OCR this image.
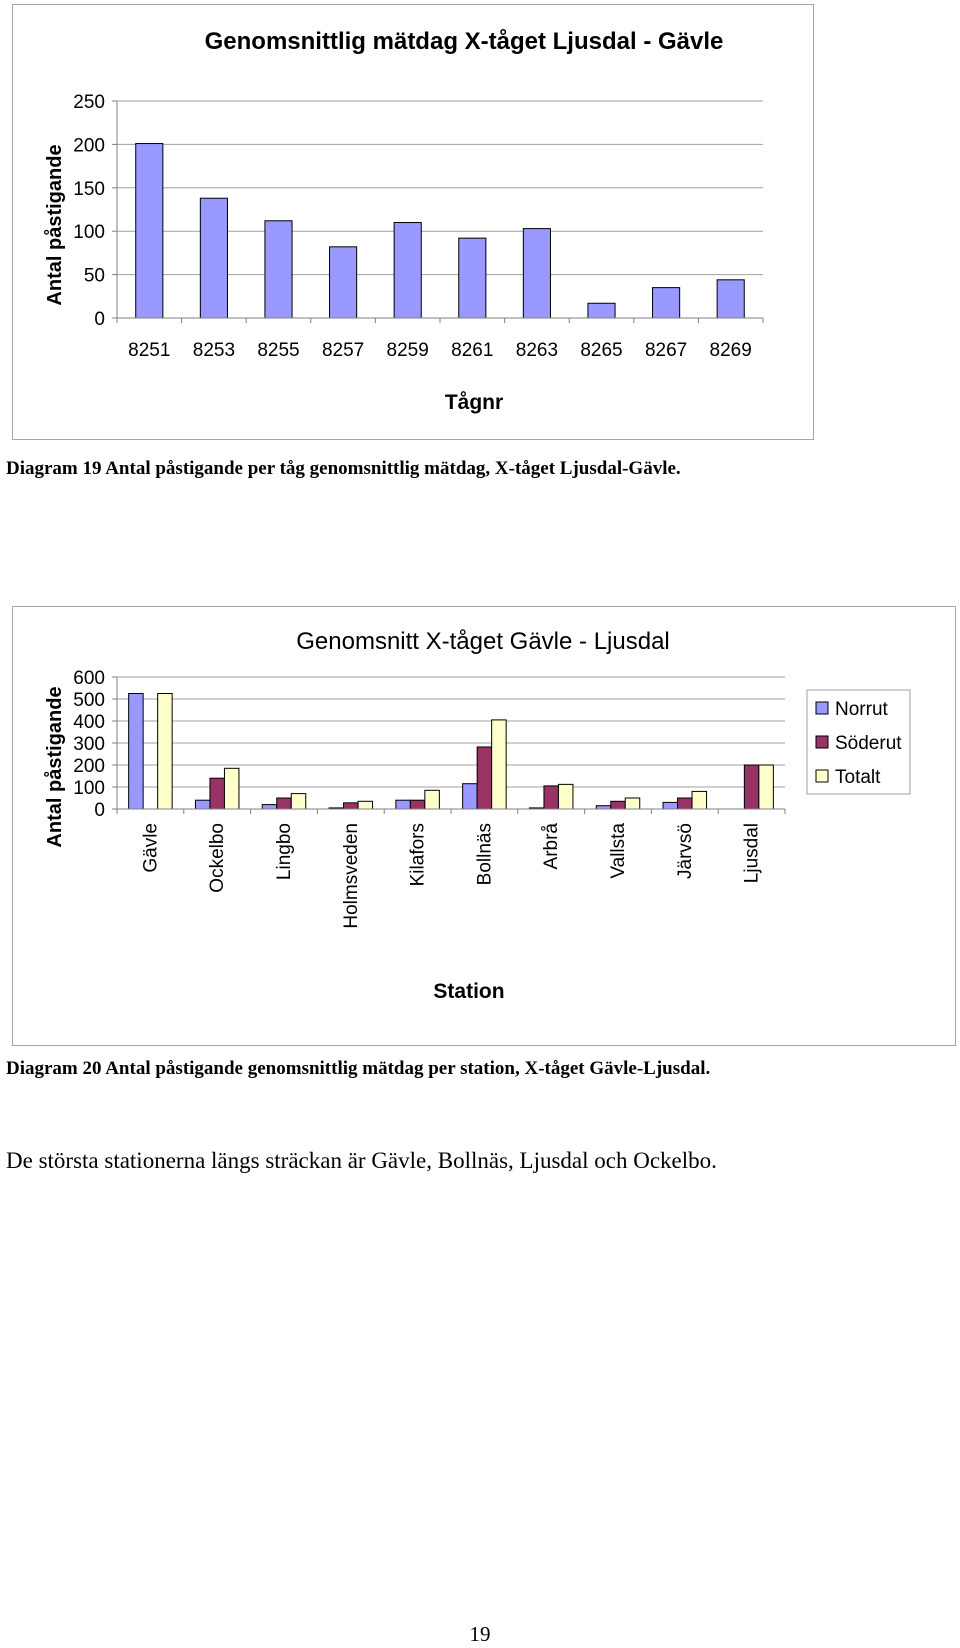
Genomsnittlig mätdag X-tåget Ljusdal - Gävle
Tågnr
Antal påstigande
0
50
100
150
200
250
8251 8253 8255 8257 8259 8261 8263 8265 8267 8269
Diagram 19 Antal påstigande per tåg genomsnittlig mätdag, X-tåget Ljusdal-Gävle.
Genomsnitt X-tåget Gävle - Ljusdal
Station
Antal påstigande 0
100
200
300
400
500
600
Gävle Ockelbo Lingbo Holmsveden Kilafors Bollnäs Arbrå Vallsta Järvsö Ljusdal
Norrut
Söderut
Totalt
Diagram 20 Antal påstigande genomsnittlig mätdag per station, X-tåget Gävle-Ljusdal.
De största stationerna längs sträckan är Gävle, Bollnäs, Ljusdal och Ockelbo.
19
